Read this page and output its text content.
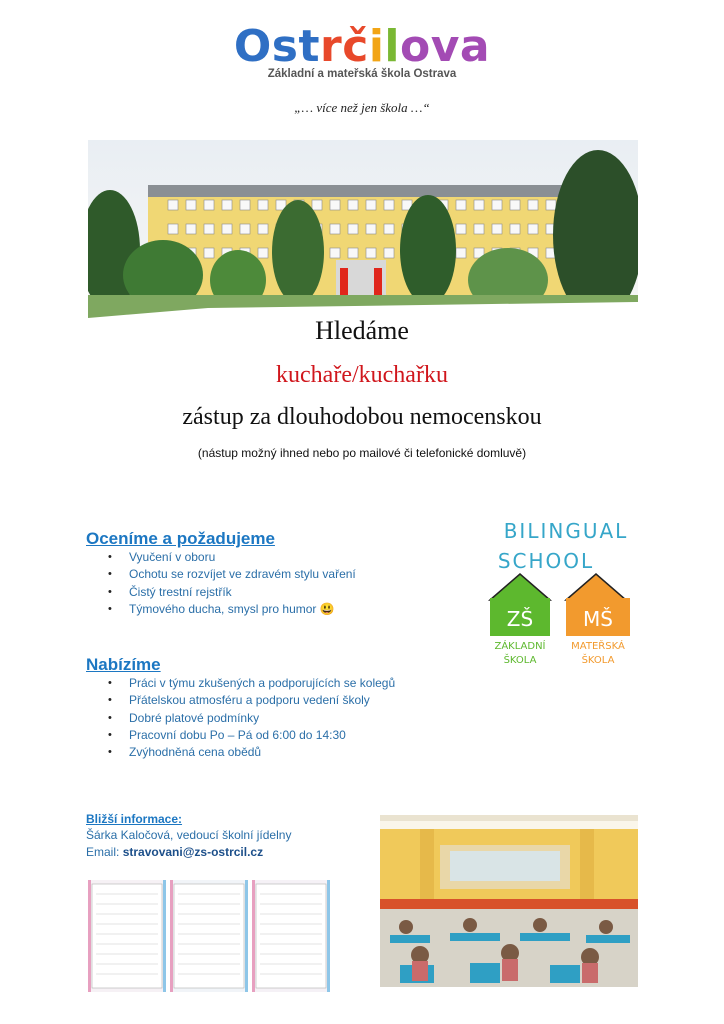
Ostrčilova
Základní a mateřská škola Ostrava
„… více než jen škola …“
Hledáme
kuchaře/kuchařku
zástup za dlouhodobou nemocenskou
(nástup možný ihned nebo po mailové či telefonické domluvě)
Oceníme a požadujeme
• Vyučení v oboru
• Ochotu se rozvíjet ve zdravém stylu vaření
• Čistý trestní rejstřík
• Týmového ducha, smysl pro humor 😃
Nabízíme
• Práci v týmu zkušených a podporujících se kolegů
• Přátelskou atmosféru a podporu vedení školy
• Dobré platové podmínky
• Pracovní dobu Po – Pá od 6:00 do 14:30
• Zvýhodněná cena obědů
BILINGUAL
SCHOOL
ZŠ MŠ
ZÁKLADNÍ
ŠKOLA
MATEŘSKÁ
ŠKOLA
Bližší informace:
Šárka Kaločová, vedoucí školní jídelny
Email: stravovani@zs-ostrcil.cz
